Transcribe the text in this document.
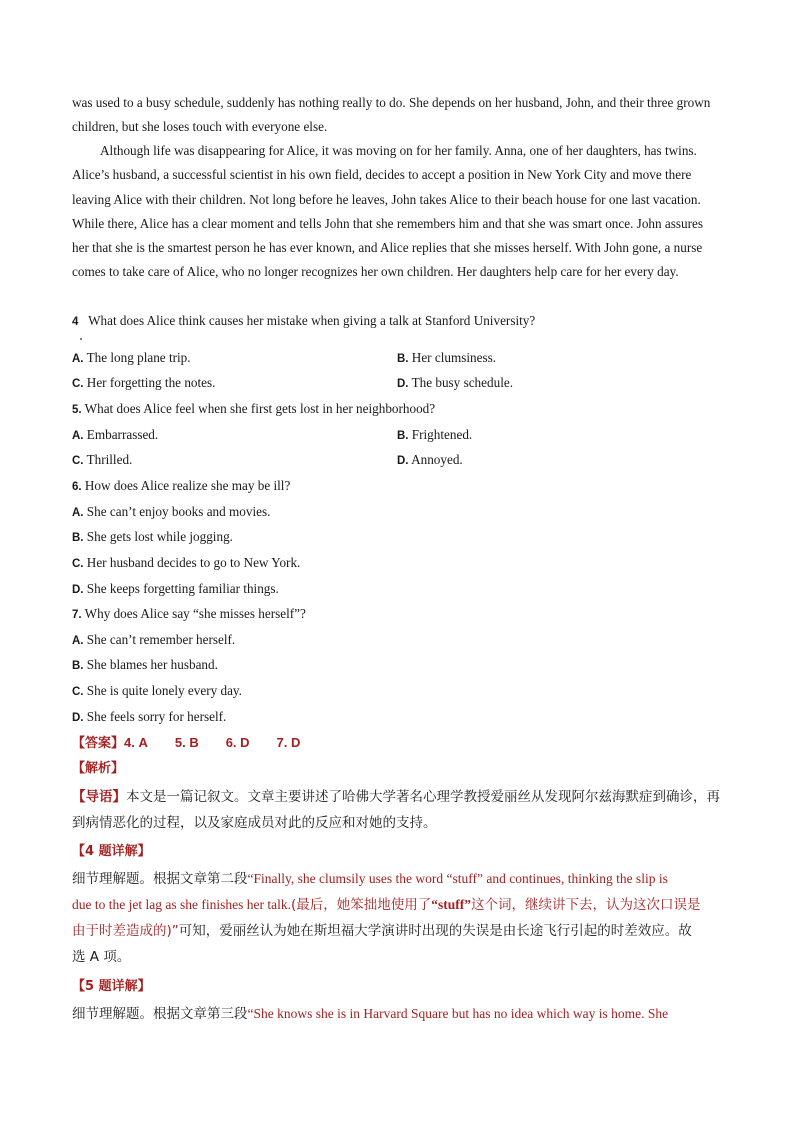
was used to a busy schedule, suddenly has nothing really to do. She depends on her husband, John, and their three grown children, but she loses touch with everyone else.

Although life was disappearing for Alice, it was moving on for her family. Anna, one of her daughters, has twins. Alice’s husband, a successful scientist in his own field, decides to accept a position in New York City and move there leaving Alice with their children. Not long before he leaves, John takes Alice to their beach house for one last vacation. While there, Alice has a clear moment and tells John that she remembers him and that she was smart once. John assures her that she is the smartest person he has ever known, and Alice replies that she misses herself. With John gone, a nurse comes to take care of Alice, who no longer recognizes her own children. Her daughters help care for her every day.

4 What does Alice think causes her mistake when giving a talk at Stanford University?
A. The long plane trip.	B. Her clumsiness.
C. Her forgetting the notes.	D. The busy schedule.
5. What does Alice feel when she first gets lost in her neighborhood?
A. Embarrassed.	B. Frightened.
C. Thrilled.	D. Annoyed.
6. How does Alice realize she may be ill?
A. She can’t enjoy books and movies.
B. She gets lost while jogging.
C. Her husband decides to go to New York.
D. She keeps forgetting familiar things.
7. Why does Alice say “she misses herself”?
A. She can’t remember herself.
B. She blames her husband.
C. She is quite lonely every day.
D. She feels sorry for herself.
【答案】4. A 5. B 6. D 7. D
【解析】

【导语】本文是一篇记叙文。文章主要讲述了哈佛大学著名心理学教授爱丽丝从发现阿尔兹海默症到确诊，再到病情恶化的过程，以及家庭成员对此的反应和对她的支持。

【4 题详解】
细节理解题。根据文章第二段“Finally, she clumsily uses the word “stuff” and continues, thinking the slip is
due to the jet lag as she finishes her talk.(最后，她笨拙地使用了“stuff”这个词，继续讲下去，认为这次口误是
由于时差造成的)”可知，爱丽丝认为她在斯坦福大学演讲时出现的失误是由长途飞行引起的时差效应。故
选 A 项。
【5 题详解】
细节理解题。根据文章第三段“She knows she is in Harvard Square but has no idea which way is home. She
